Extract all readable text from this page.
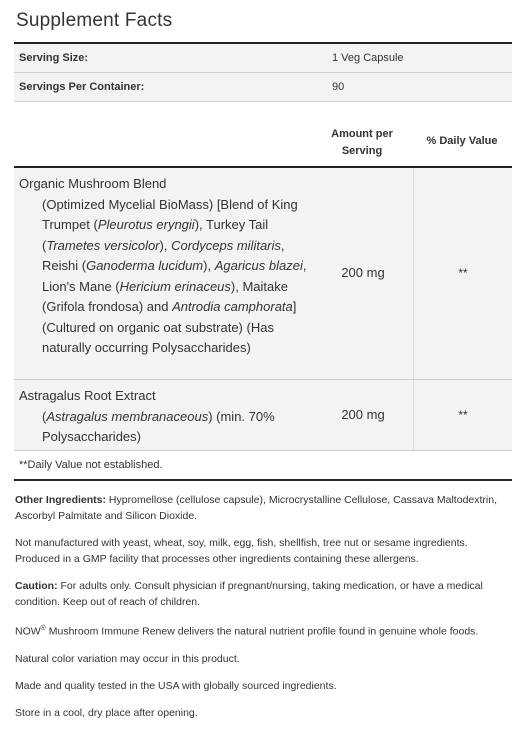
Supplement Facts
Serving Size:	1 Veg Capsule
Servings Per Container:	90
Amount per
Serving
% Daily Value
Organic Mushroom Blend
(Optimized Mycelial BioMass) [Blend of King Trumpet (Pleurotus eryngii), Turkey Tail (Trametes versicolor), Cordyceps militaris, Reishi (Ganoderma lucidum), Agaricus blazei, Lion's Mane (Hericium erinaceus), Maitake (Grifola frondosa) and Antrodia camphorata] (Cultured on organic oat substrate) (Has naturally occurring Polysaccharides)
200 mg	**
Astragalus Root Extract
(Astragalus membranaceous) (min. 70% Polysaccharides)
200 mg	**
**Daily Value not established.

Other Ingredients: Hypromellose (cellulose capsule), Microcrystalline Cellulose, Cassava Maltodextrin, Ascorbyl Palmitate and Silicon Dioxide.

Not manufactured with yeast, wheat, soy, milk, egg, fish, shellfish, tree nut or sesame ingredients. Produced in a GMP facility that processes other ingredients containing these allergens.

Caution: For adults only. Consult physician if pregnant/nursing, taking medication, or have a medical condition. Keep out of reach of children.

NOW® Mushroom Immune Renew delivers the natural nutrient profile found in genuine whole foods.

Natural color variation may occur in this product.

Made and quality tested in the USA with globally sourced ingredients.

Store in a cool, dry place after opening.
